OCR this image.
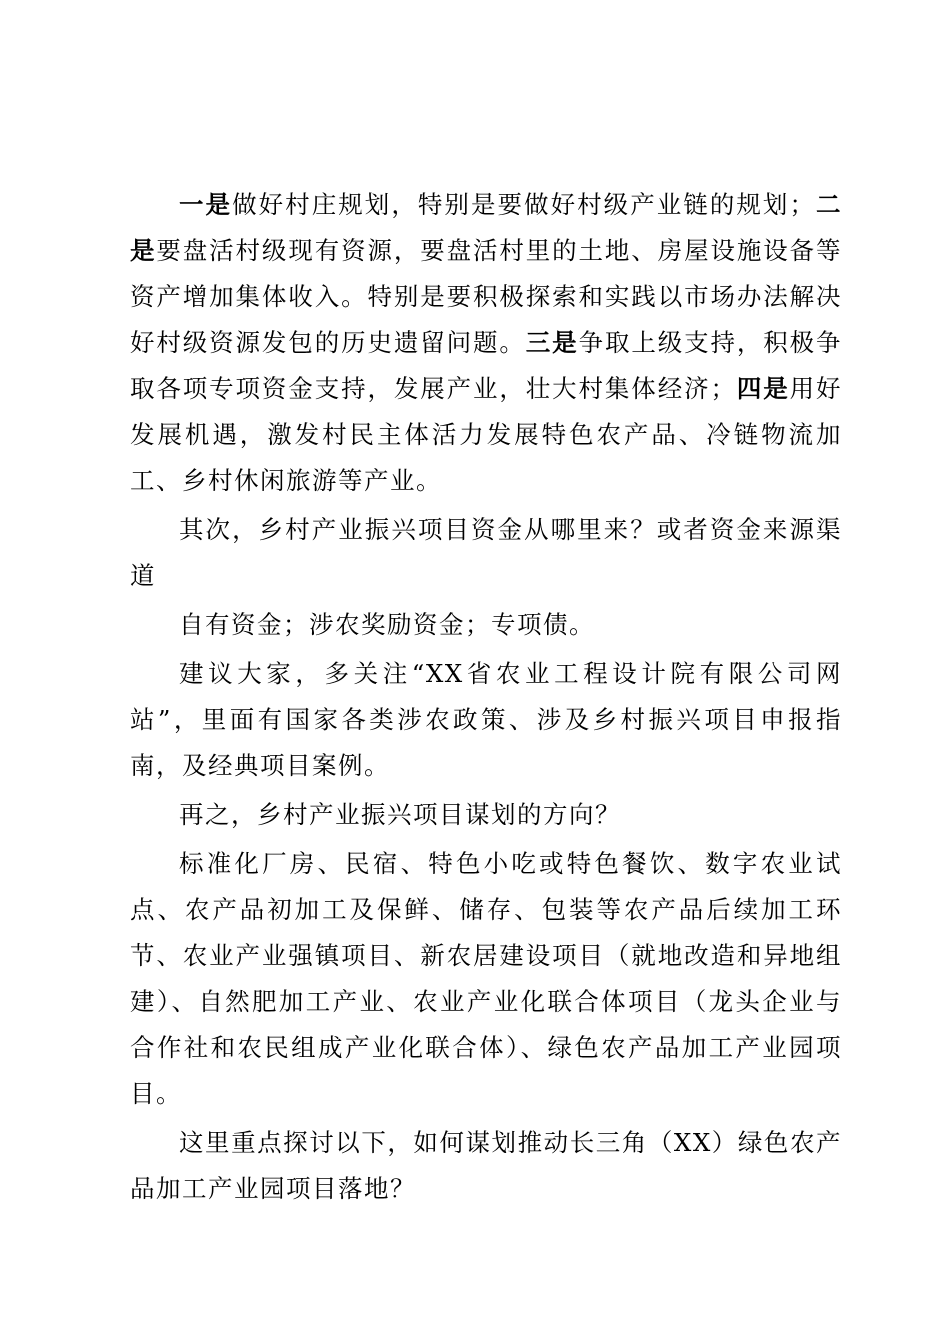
一是做好村庄规划，特别是要做好村级产业链的规划；二是要盘活村级现有资源，要盘活村里的土地、房屋设施设备等资产增加集体收入。特别是要积极探索和实践以市场办法解决好村级资源发包的历史遗留问题。三是争取上级支持，积极争取各项专项资金支持，发展产业，壮大村集体经济；四是用好发展机遇，激发村民主体活力发展特色农产品、冷链物流加工、乡村休闲旅游等产业。

其次，乡村产业振兴项目资金从哪里来？或者资金来源渠道

自有资金；涉农奖励资金；专项债。

建议大家，多关注“XX省农业工程设计院有限公司网站”，里面有国家各类涉农政策、涉及乡村振兴项目申报指南，及经典项目案例。

再之，乡村产业振兴项目谋划的方向？

标准化厂房、民宿、特色小吃或特色餐饮、数字农业试点、农产品初加工及保鲜、储存、包装等农产品后续加工环节、农业产业强镇项目、新农居建设项目（就地改造和异地组建）、自然肥加工产业、农业产业化联合体项目（龙头企业与合作社和农民组成产业化联合体）、绿色农产品加工产业园项目。

这里重点探讨以下，如何谋划推动长三角（XX）绿色农产品加工产业园项目落地？
